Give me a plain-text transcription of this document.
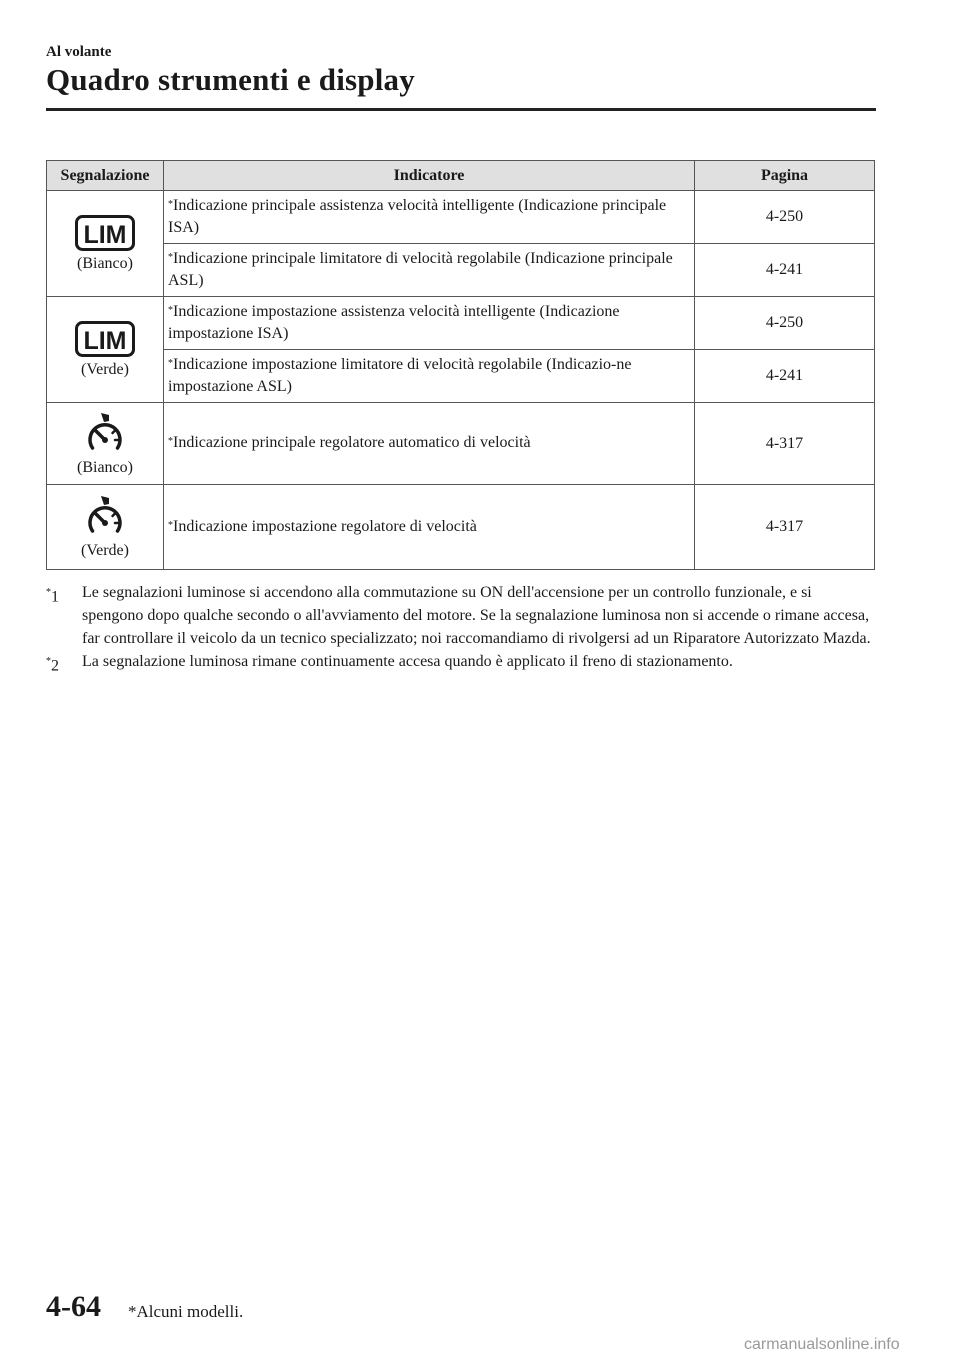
Al volante
Quadro strumenti e display
Segnalazione	Indicatore	Pagina

LIM
(Bianco)	*Indicazione principale assistenza velocità intelligente (Indicazione principale ISA)	4-250
	*Indicazione principale limitatore di velocità regolabile (Indicazione principale ASL)	4-241

LIM
(Verde)	*Indicazione impostazione assistenza velocità intelligente (Indicazione impostazione ISA)	4-250
	*Indicazione impostazione limitatore di velocità regolabile (Indicazio-ne impostazione ASL)	4-241

(Bianco)	*Indicazione principale regolatore automatico di velocità	4-317

(Verde)	*Indicazione impostazione regolatore di velocità	4-317
*1 Le segnalazioni luminose si accendono alla commutazione su ON dell'accensione per un controllo funzionale, e si spengono dopo qualche secondo o all'avviamento del motore. Se la segnalazione luminosa non si accende o rimane accesa, far controllare il veicolo da un tecnico specializzato; noi raccomandiamo di rivolgersi ad un Riparatore Autorizzato Mazda.
*2 La segnalazione luminosa rimane continuamente accesa quando è applicato il freno di stazionamento.
4-64 *Alcuni modelli.
carmanualsonline.info
